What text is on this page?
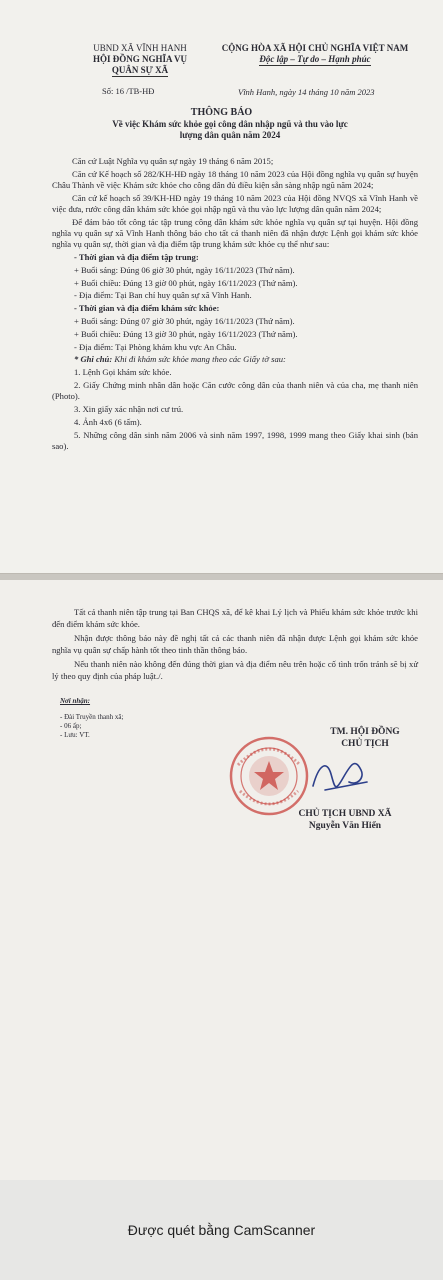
UBND XÃ VĨNH HANH
HỘI ĐỒNG NGHĨA VỤ
QUÂN SỰ XÃ
CỘNG HÒA XÃ HỘI CHỦ NGHĨA VIỆT NAM
Độc lập – Tự do – Hạnh phúc
Số: 16 /TB-HĐ	Vĩnh Hanh, ngày 14 tháng 10 năm 2023
THÔNG BÁO
Về việc Khám sức khỏe gọi công dân nhập ngũ và thu vào lực lượng dân quân năm 2024

Căn cứ Luật Nghĩa vụ quân sự ngày 19 tháng 6 năm 2015;

Căn cứ Kế hoạch số 282/KH-HĐ ngày 18 tháng 10 năm 2023 của Hội đồng nghĩa vụ quân sự huyện Châu Thành về việc Khám sức khỏe cho công dân đủ điều kiện sẵn sàng nhập ngũ năm 2024;

Căn cứ kế hoạch số 39/KH-HĐ ngày 19 tháng 10 năm 2023 của Hội đồng NVQS xã Vĩnh Hanh về việc đưa, rước công dân khám sức khỏe gọi nhập ngũ và thu vào lực lượng dân quân năm 2024;

Để đảm bảo tốt công tác tập trung công dân khám sức khỏe nghĩa vụ quân sự tại huyện. Hội đồng nghĩa vụ quân sự xã Vĩnh Hanh thông báo cho tất cả thanh niên đã nhận được Lệnh gọi khám sức khỏe nghĩa vụ quân sự, thời gian và địa điểm tập trung khám sức khỏe cụ thể như sau:

- Thời gian và địa điểm tập trung:

+ Buổi sáng: Đúng 06 giờ 30 phút, ngày 16/11/2023 (Thứ năm).

+ Buổi chiều: Đúng 13 giờ 00 phút, ngày 16/11/2023 (Thứ năm).

- Địa điểm: Tại Ban chỉ huy quân sự xã Vĩnh Hanh.

- Thời gian và địa điểm khám sức khỏe:

+ Buổi sáng: Đúng 07 giờ 30 phút, ngày 16/11/2023 (Thứ năm).

+ Buổi chiều: Đúng 13 giờ 30 phút, ngày 16/11/2023 (Thứ năm).

- Địa điểm: Tại Phòng khám khu vực An Châu.

* Ghi chú: Khi đi khám sức khỏe mang theo các Giấy tờ sau:

1. Lệnh Gọi khám sức khỏe.

2. Giấy Chứng minh nhân dân hoặc Căn cước công dân của thanh niên và của cha, mẹ thanh niên (Photo).

3. Xin giấy xác nhận nơi cư trú.

4. Ảnh 4x6 (6 tấm).

5. Những công dân sinh năm 2006 và sinh năm 1997, 1998, 1999 mang theo Giấy khai sinh (bản sao).

Tất cả thanh niên tập trung tại Ban CHQS xã, để kê khai Lý lịch và Phiếu khám sức khỏe trước khi đến điểm khám sức khỏe.

Nhận được thông báo này đề nghị tất cả các thanh niên đã nhận được Lệnh gọi khám sức khỏe nghĩa vụ quân sự chấp hành tốt theo tinh thần thông báo.

Nếu thanh niên nào không đến đúng thời gian và địa điểm nêu trên hoặc cố tình trốn tránh sẽ bị xử lý theo quy định của pháp luật./.

Nơi nhận:
- Đài Truyền thanh xã;
- 06 ấp;
- Lưu: VT.	TM. HỘI ĐỒNG
CHỦ TỊCH
CHỦ TỊCH UBND XÃ
Nguyễn Văn Hiển
Được quét bằng CamScanner
